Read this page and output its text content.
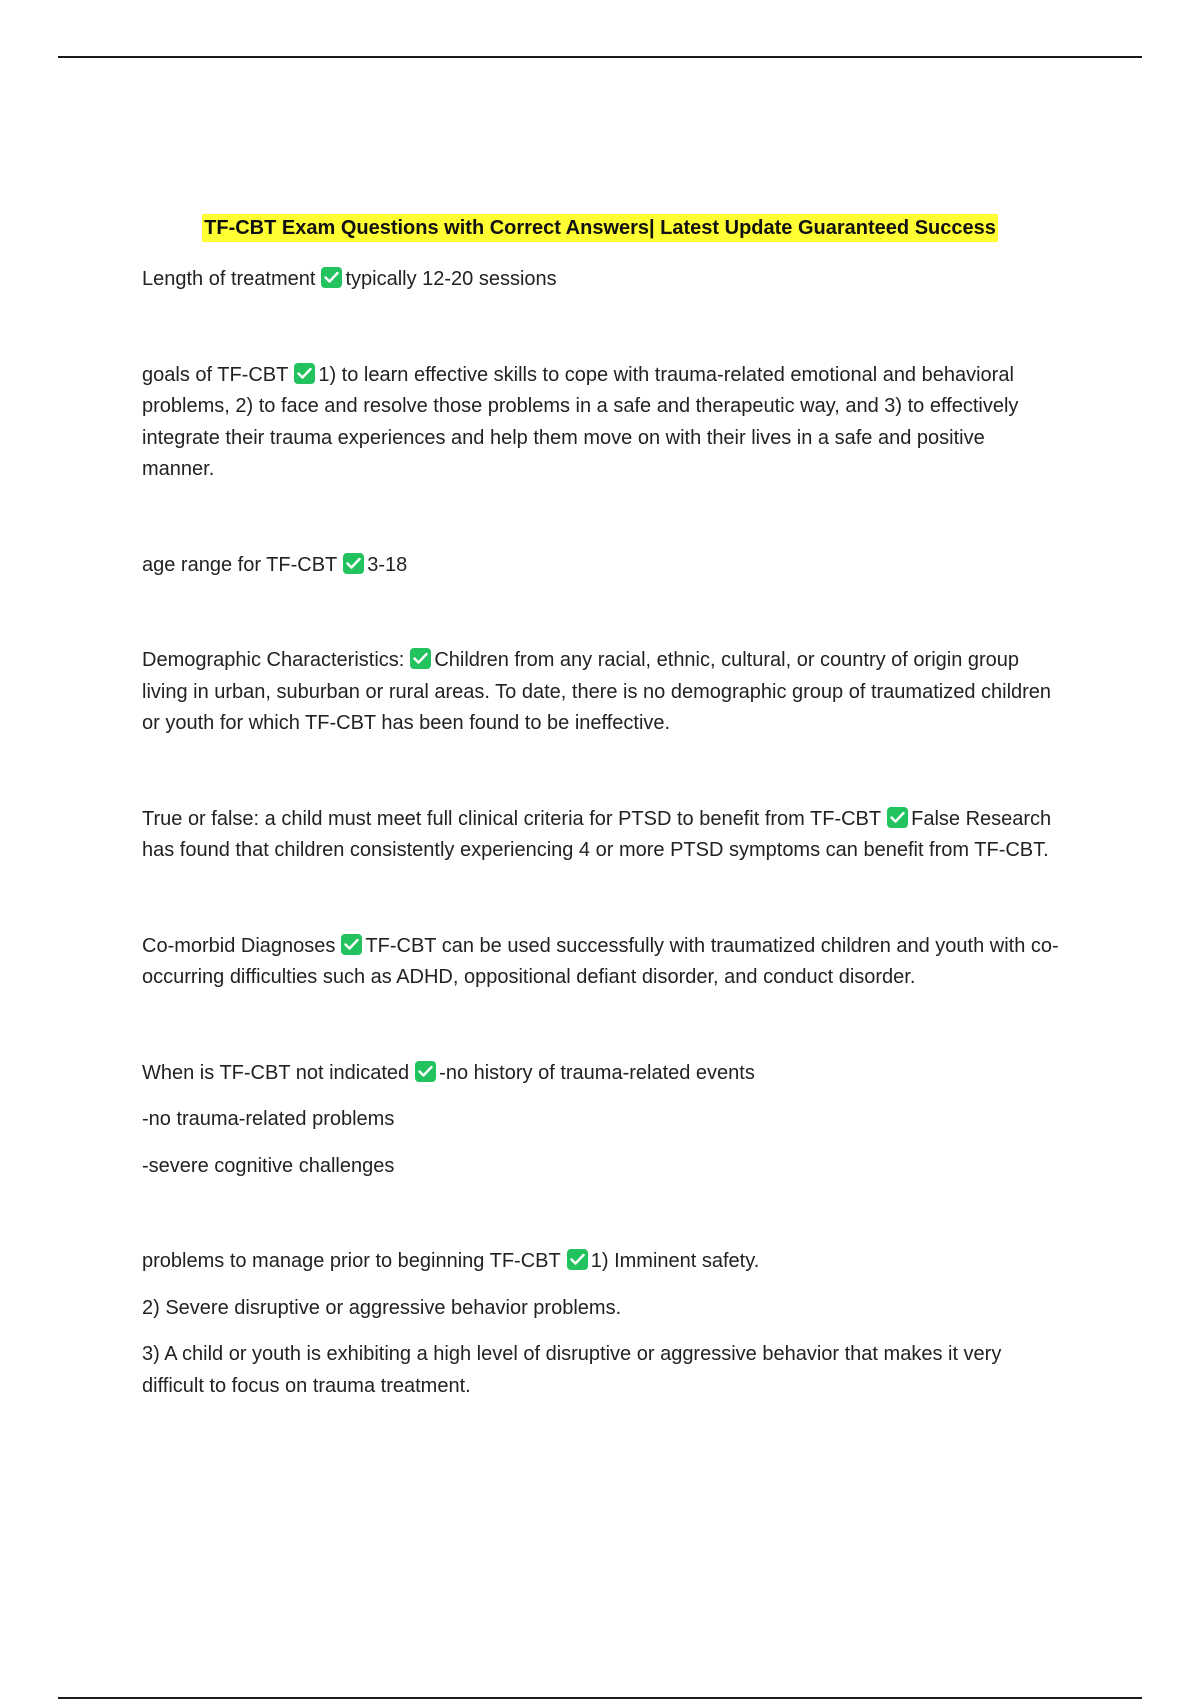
TF-CBT Exam Questions with Correct Answers| Latest Update Guaranteed Success

Length of treatment typically 12-20 sessions

goals of TF-CBT 1) to learn effective skills to cope with trauma-related emotional and behavioral problems, 2) to face and resolve those problems in a safe and therapeutic way, and 3) to effectively integrate their trauma experiences and help them move on with their lives in a safe and positive manner.

age range for TF-CBT 3-18

Demographic Characteristics: Children from any racial, ethnic, cultural, or country of origin group living in urban, suburban or rural areas. To date, there is no demographic group of traumatized children or youth for which TF-CBT has been found to be ineffective.

True or false: a child must meet full clinical criteria for PTSD to benefit from TF-CBT False Research has found that children consistently experiencing 4 or more PTSD symptoms can benefit from TF-CBT.

Co-morbid Diagnoses TF-CBT can be used successfully with traumatized children and youth with co-occurring difficulties such as ADHD, oppositional defiant disorder, and conduct disorder.

When is TF-CBT not indicated -no history of trauma-related events

-no trauma-related problems

-severe cognitive challenges

problems to manage prior to beginning TF-CBT 1) Imminent safety.

2) Severe disruptive or aggressive behavior problems.

3) A child or youth is exhibiting a high level of disruptive or aggressive behavior that makes it very difficult to focus on trauma treatment.
